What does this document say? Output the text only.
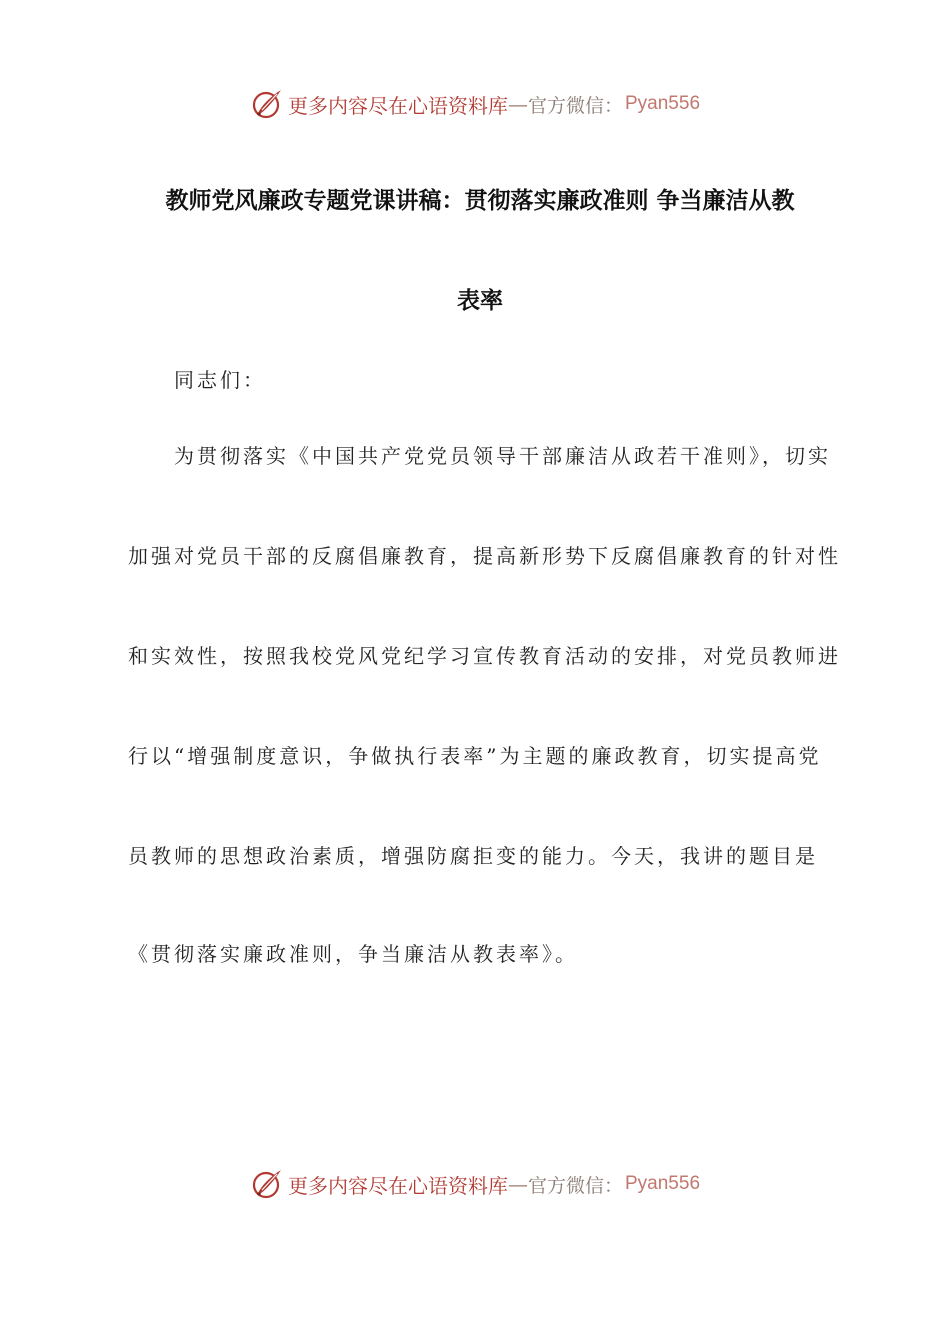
更多内容尽在心语资料库 — 官方微信： Pyan556
教师党风廉政专题党课讲稿：贯彻落实廉政准则 争当廉洁从教
表率
同志们：
为贯彻落实《中国共产党党员领导干部廉洁从政若干准则》，切实
加强对党员干部的反腐倡廉教育，提高新形势下反腐倡廉教育的针对性
和实效性，按照我校党风党纪学习宣传教育活动的安排，对党员教师进
行以“增强制度意识，争做执行表率”为主题的廉政教育，切实提高党
员教师的思想政治素质，增强防腐拒变的能力。今天，我讲的题目是
《贯彻落实廉政准则，争当廉洁从教表率》。
更多内容尽在心语资料库 — 官方微信： Pyan556
